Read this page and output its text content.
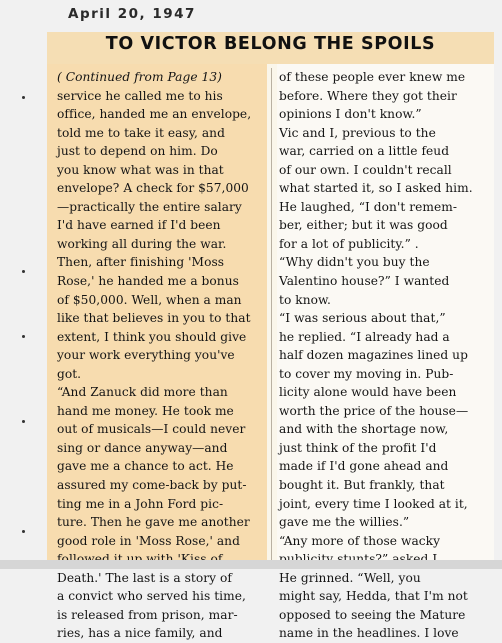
April 20, 1947
TO VICTOR BELONG THE SPOILS
( Continued from Page 13)
service he called me to his
office, handed me an envelope,
told me to take it easy, and
just to depend on him. Do
you know what was in that
envelope? A check for $57,000
—practically the entire salary
I'd have earned if I'd been
working all during the war.
Then, after finishing 'Moss
Rose,' he handed me a bonus
of $50,000. Well, when a man
like that believes in you to that
extent, I think you should give
your work everything you've
got.
“And Zanuck did more than
hand me money. He took me
out of musicals—I could never
sing or dance anyway—and
gave me a chance to act. He
assured my come-back by put-
ting me in a John Ford pic-
ture. Then he gave me another
good role in 'Moss Rose,' and
Death.' The last is a story of
a convict who served his time,
is released from prison, mar-
ries, has a nice family, and
of these people ever knew me
before. Where they got their
opinions I don't know.”
Vic and I, previous to the
war, carried on a little feud
of our own. I couldn't recall
what started it, so I asked him.
He laughed, “I don't remem-
ber, either; but it was good
for a lot of publicity.” .
“Why didn't you buy the
Valentino house?” I wanted
to know.
“I was serious about that,”
he replied. “I already had a
half dozen magazines lined up
to cover my moving in. Pub-
licity alone would have been
worth the price of the house—
and with the shortage now,
just think of the profit I'd
made if I'd gone ahead and
bought it. But frankly, that
joint, every time I looked at it,
gave me the willies.”
“Any more of those wacky
He grinned. “Well, you
might say, Hedda, that I'm not
opposed to seeing the Mature
name in the headlines. I love
